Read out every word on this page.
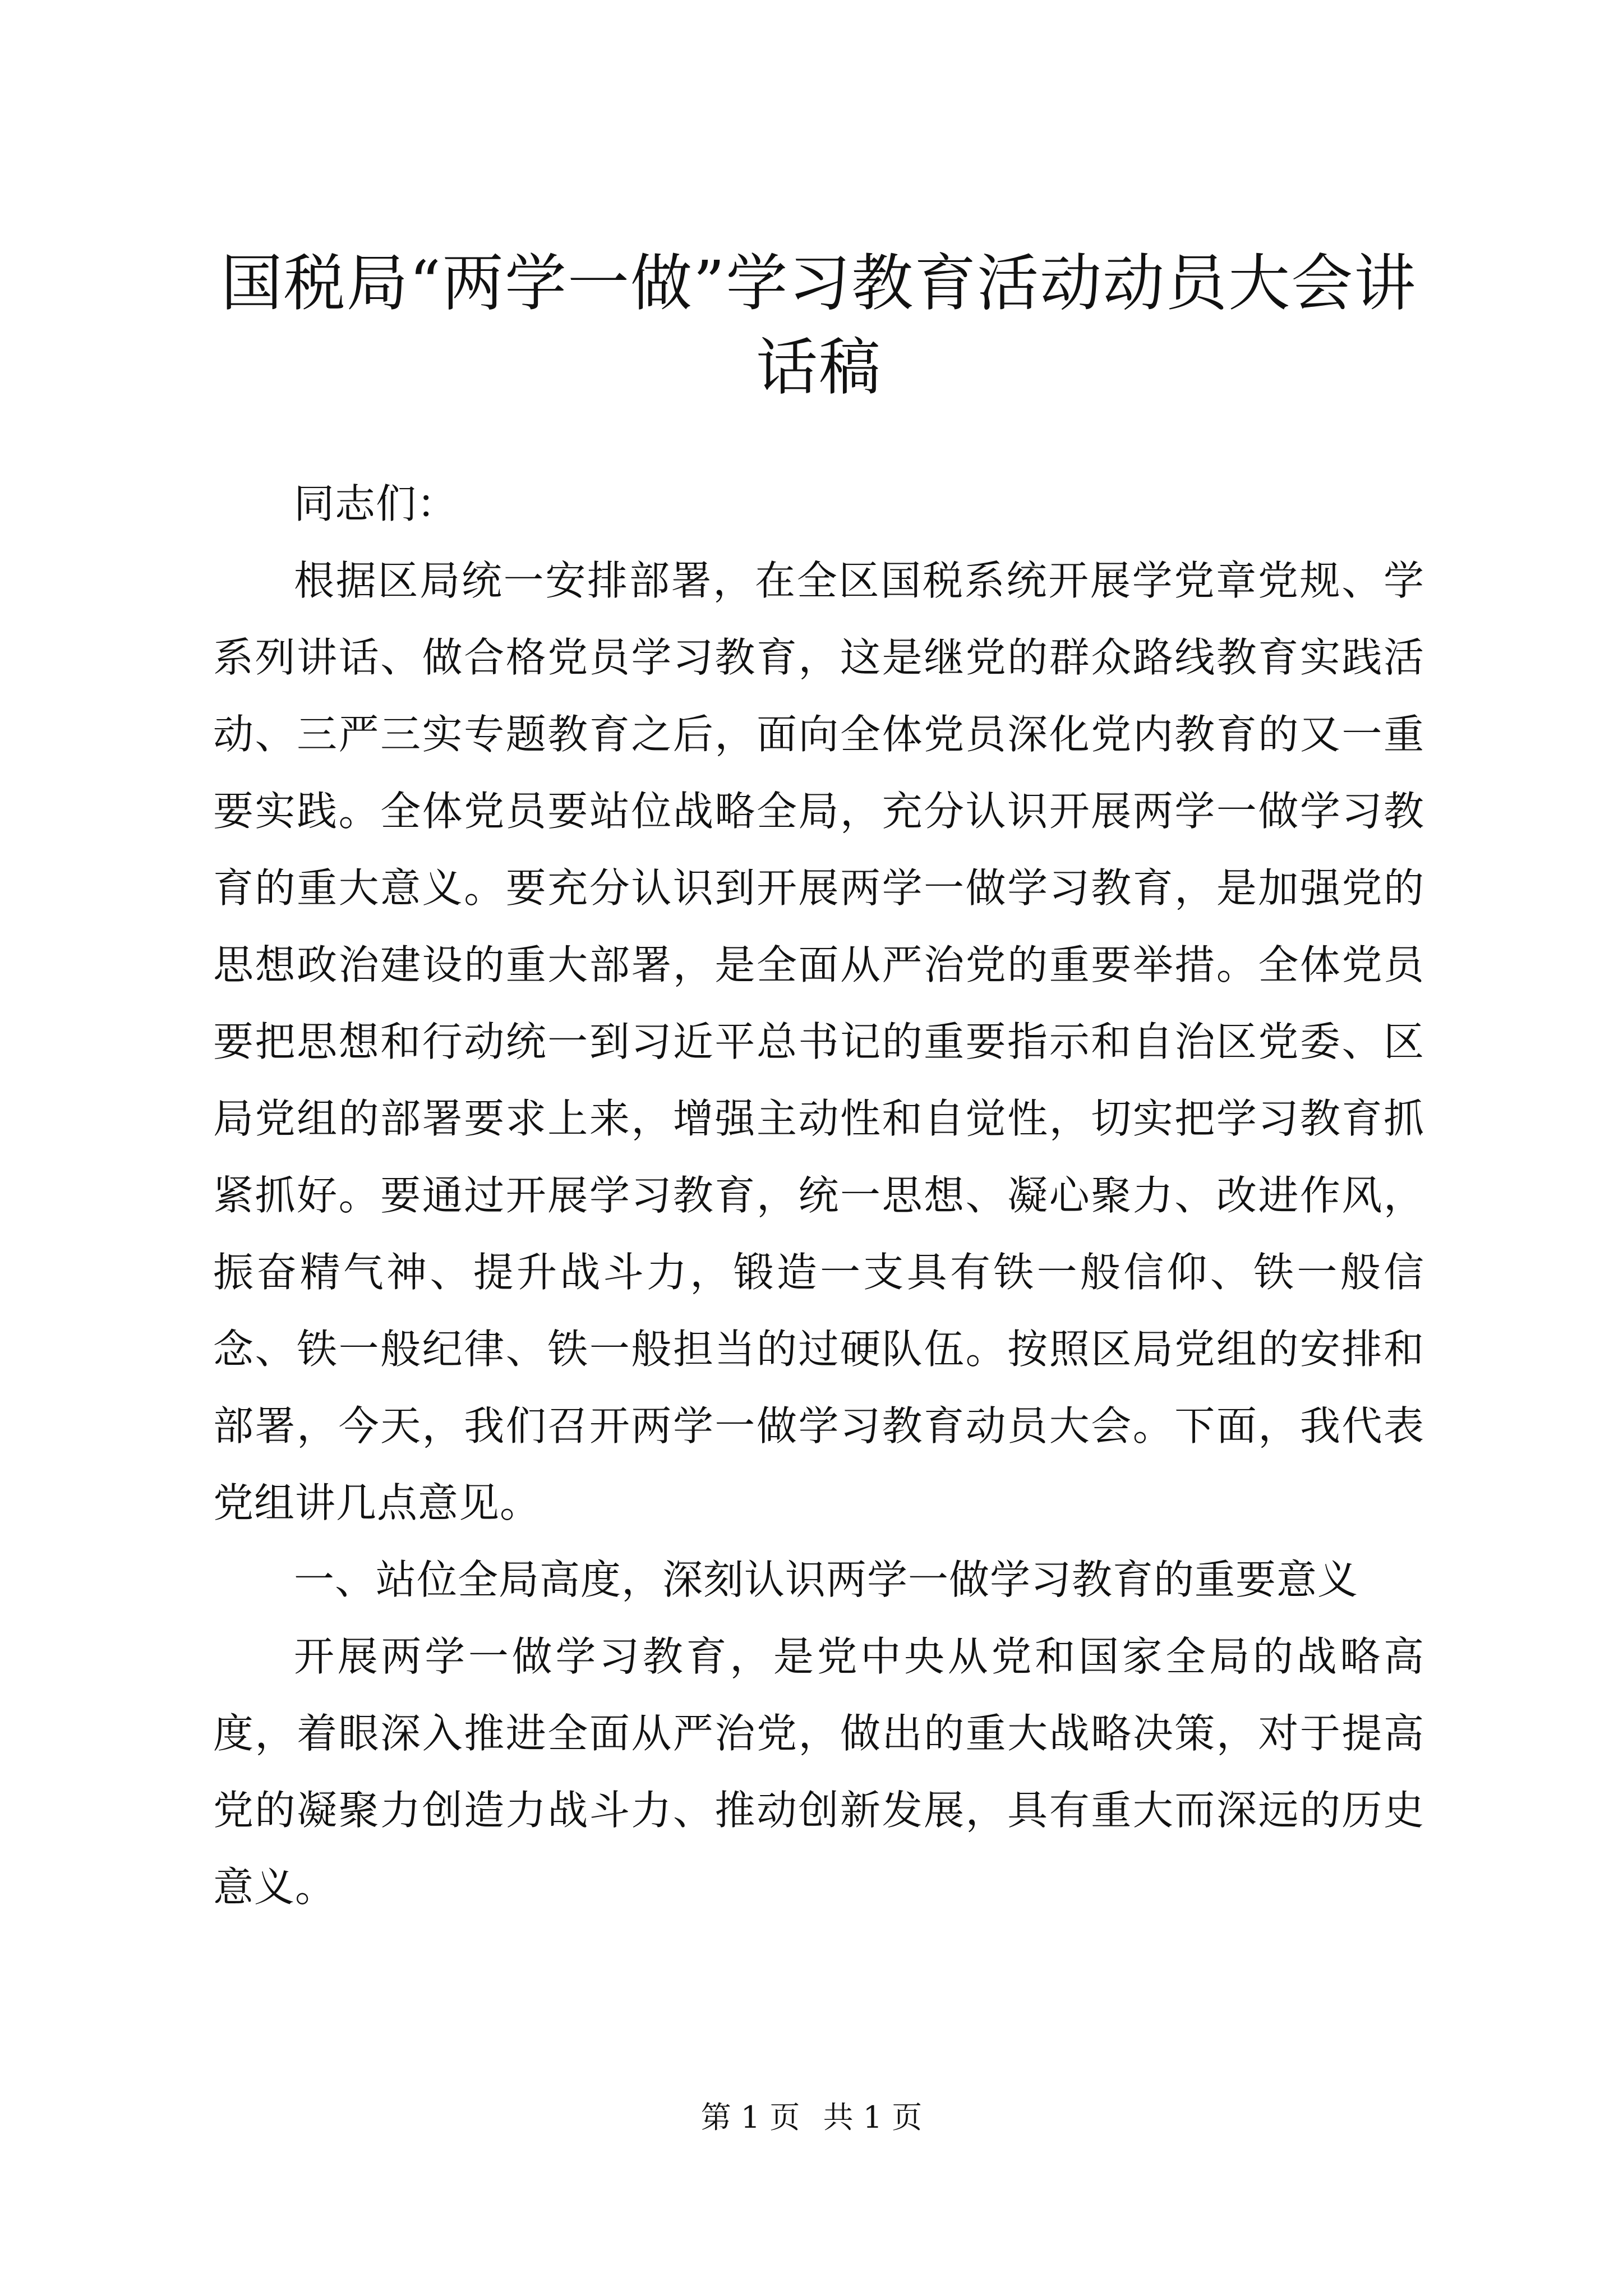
国税局“两学一做”学习教育活动动员大会讲
话稿

同志们：

根据区局统一安排部署，在全区国税系统开展学党章党规、学系列讲话、做合格党员学习教育，这是继党的群众路线教育实践活动、三严三实专题教育之后，面向全体党员深化党内教育的又一重要实践。全体党员要站位战略全局，充分认识开展两学一做学习教育的重大意义。要充分认识到开展两学一做学习教育，是加强党的思想政治建设的重大部署，是全面从严治党的重要举措。全体党员要把思想和行动统一到习近平总书记的重要指示和自治区党委、区局党组的部署要求上来，增强主动性和自觉性，切实把学习教育抓紧抓好。要通过开展学习教育，统一思想、凝心聚力、改进作风，振奋精气神、提升战斗力，锻造一支具有铁一般信仰、铁一般信念、铁一般纪律、铁一般担当的过硬队伍。按照区局党组的安排和部署，今天，我们召开两学一做学习教育动员大会。下面，我代表党组讲几点意见。

一、站位全局高度，深刻认识两学一做学习教育的重要意义

开展两学一做学习教育，是党中央从党和国家全局的战略高度，着眼深入推进全面从严治党，做出的重大战略决策，对于提高党的凝聚力创造力战斗力、推动创新发展，具有重大而深远的历史意义。

第 1 页 共 1 页
